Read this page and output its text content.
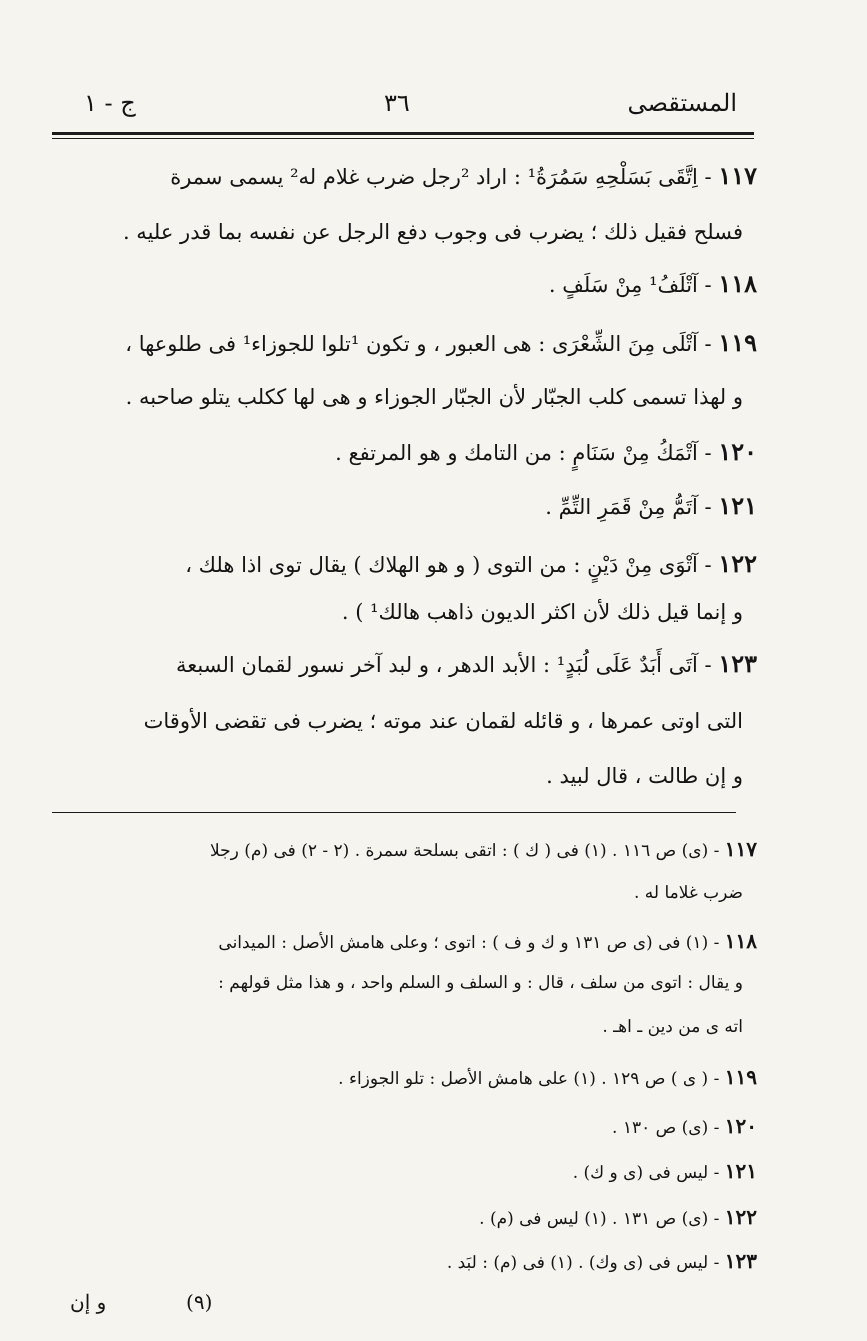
المستقصى
٣٦
ج - ١
١١٧ - اِتَّقَى بَسَلْحِهِ سَمُرَةُ¹ : اراد ²رجل ضرب غلام له² يسمى سمرة
فسلح فقيل ذلك ؛ يضرب فى وجوب دفع الرجل عن نفسه بما قدر عليه .
١١٨ - آتْلَفُ¹ مِنْ سَلَفٍ .
١١٩ - آتْلَى مِنَ الشِّعْرَى : هى العبور ، و تكون ¹تلوا للجوزاء¹ فى طلوعها ،
و لهذا تسمى كلب الجبّار لأن الجبّار الجوزاء و هى لها ككلب يتلو صاحبه .
١٢٠ - آتْمَكُ مِنْ سَنَامٍ : من التامك و هو المرتفع .
١٢١ - آتَمُّ مِنْ قَمَرِ التِّمِّ .
١٢٢ - آتْوَى مِنْ دَيْنٍ : من التوى ( و هو الهلاك ) يقال توى اذا هلك ،
و إنما قيل ذلك لأن اكثر الديون ذاهب هالك¹ ) .
١٢٣ - آتَى أَبَدٌ عَلَى لُبَدٍ¹ : الأبد الدهر ، و لبد آخر نسور لقمان السبعة
التى اوتى عمرها ، و قائله لقمان عند موته ؛ يضرب فى تقضى الأوقات
و إن طالت ، قال لبيد .
١١٧ - (ى) ص ١١٦ . (١) فى ( ك ) : اتقى بسلحة سمرة . (٢ - ٢) فى (م) رجلا
ضرب غلاما له .
١١٨ - (١) فى (ى ص ١٣١ و ك و ف ) : اتوى ؛ وعلى هامش الأصل : الميدانى
و يقال : اتوى من سلف ، قال : و السلف و السلم واحد ، و هذا مثل قولهم :
اته ى من دين ـ اهـ .
١١٩ - ( ى ) ص ١٢٩ . (١) على هامش الأصل : تلو الجوزاء .
١٢٠ - (ى) ص ١٣٠ .
١٢١ - ليس فى (ى و ك) .
١٢٢ - (ى) ص ١٣١ . (١) ليس فى (م) .
١٢٣ - ليس فى (ى وك) . (١) فى (م) : لبَد .
(٩)
و إن
